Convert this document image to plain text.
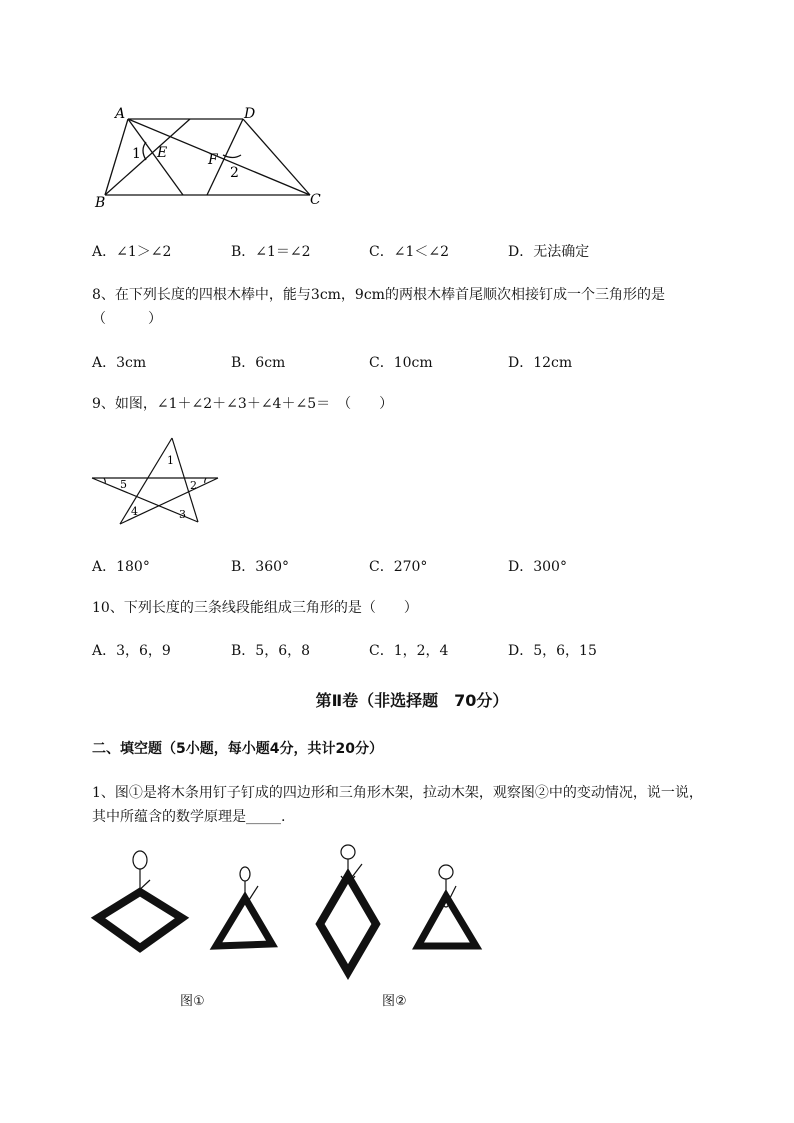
A	D
B	C
E	F
1
2
A．∠1＞∠2	B．∠1＝∠2	C．∠1＜∠2	D．无法确定
8、在下列长度的四根木棒中，能与3cm，9cm的两根木棒首尾顺次相接钉成一个三角形的是
（　　　）
A．3cm	B．6cm	C．10cm	D．12cm
9、如图，∠1＋∠2＋∠3＋∠4＋∠5＝　（　　）
1
2
3
4
5
A．180°	B．360°	C．270°	D．300°
10、下列长度的三条线段能组成三角形的是（　　）
A．3，6，9	B．5，6，8	C．1，2，4	D．5，6，15
第Ⅱ卷（非选择题　70分）
二、填空题（5小题，每小题4分，共计20分）
1、图①是将木条用钉子钉成的四边形和三角形木架，拉动木架，观察图②中的变动情况，说一说，
其中所蕴含的数学原理是_____.
图①	图②
